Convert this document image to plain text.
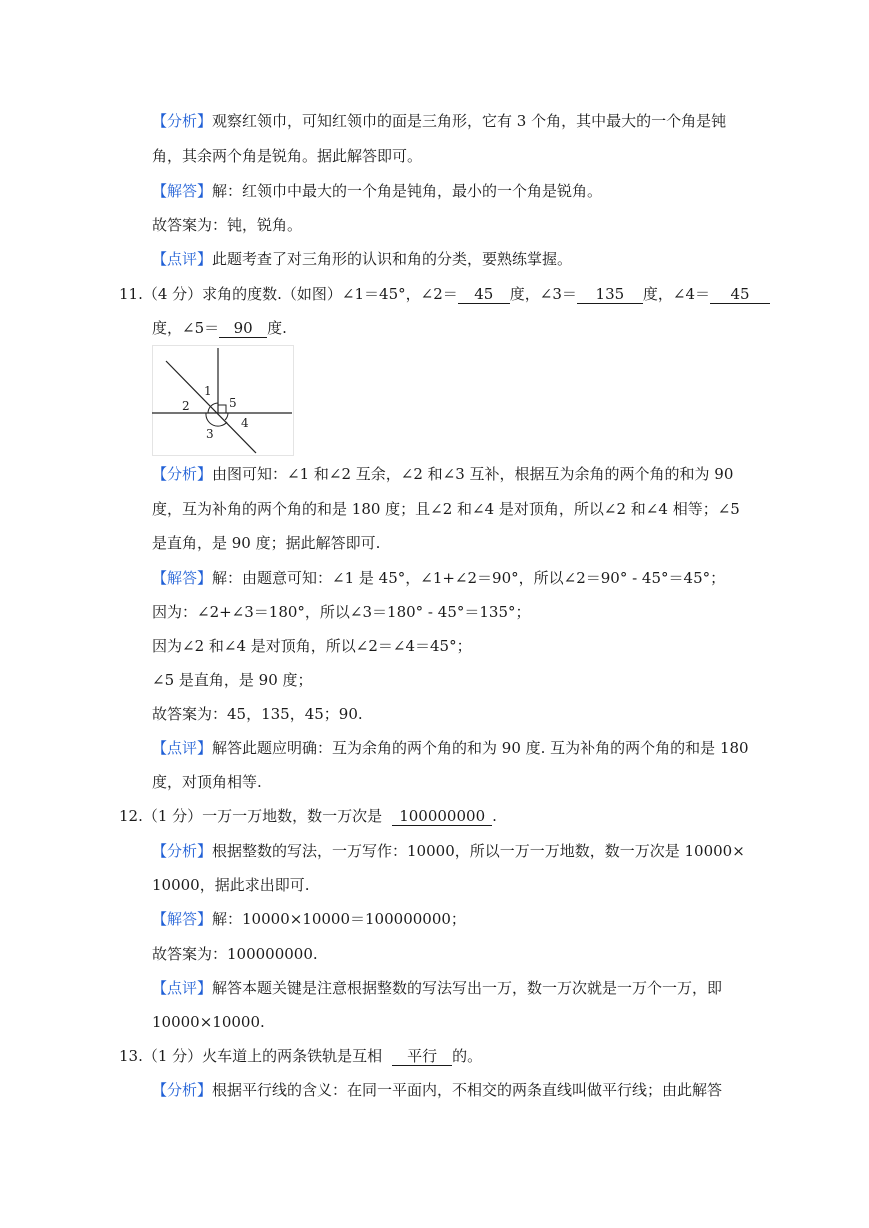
【分析】观察红领巾，可知红领巾的面是三角形，它有 3 个角，其中最大的一个角是钝
角，其余两个角是锐角。据此解答即可。
【解答】解：红领巾中最大的一个角是钝角，最小的一个角是锐角。
故答案为：钝，锐角。
【点评】此题考查了对三角形的认识和角的分类，要熟练掌握。
11.（4 分）求角的度数.（如图）∠1＝45°，∠2＝ 45 度，∠3＝ 135 度，∠4＝ 45
度，∠5＝ 90 度.
1
2	5
3
4
【分析】由图可知：∠1 和∠2 互余，∠2 和∠3 互补，根据互为余角的两个角的和为 90
度，互为补角的两个角的和是 180 度；且∠2 和∠4 是对顶角，所以∠2 和∠4 相等；∠5
是直角，是 90 度；据此解答即可.
【解答】解：由题意可知：∠1 是 45°，∠1+∠2＝90°，所以∠2＝90° ‐ 45°＝45°；
因为：∠2+∠3＝180°，所以∠3＝180° ‐ 45°＝135°；
因为∠2 和∠4 是对顶角，所以∠2＝∠4＝45°；
∠5 是直角，是 90 度；
故答案为：45，135，45；90.
【点评】解答此题应明确：互为余角的两个角的和为 90 度. 互为补角的两个角的和是 180
度，对顶角相等.
12.（1 分）一万一万地数，数一万次是 100000000 .
【分析】根据整数的写法，一万写作：10000，所以一万一万地数，数一万次是 10000×
10000，据此求出即可.
【解答】解：10000×10000＝100000000；
故答案为：100000000.
【点评】解答本题关键是注意根据整数的写法写出一万，数一万次就是一万个一万，即
10000×10000.
13.（1 分）火车道上的两条铁轨是互相 平行 的。
【分析】根据平行线的含义：在同一平面内，不相交的两条直线叫做平行线；由此解答
